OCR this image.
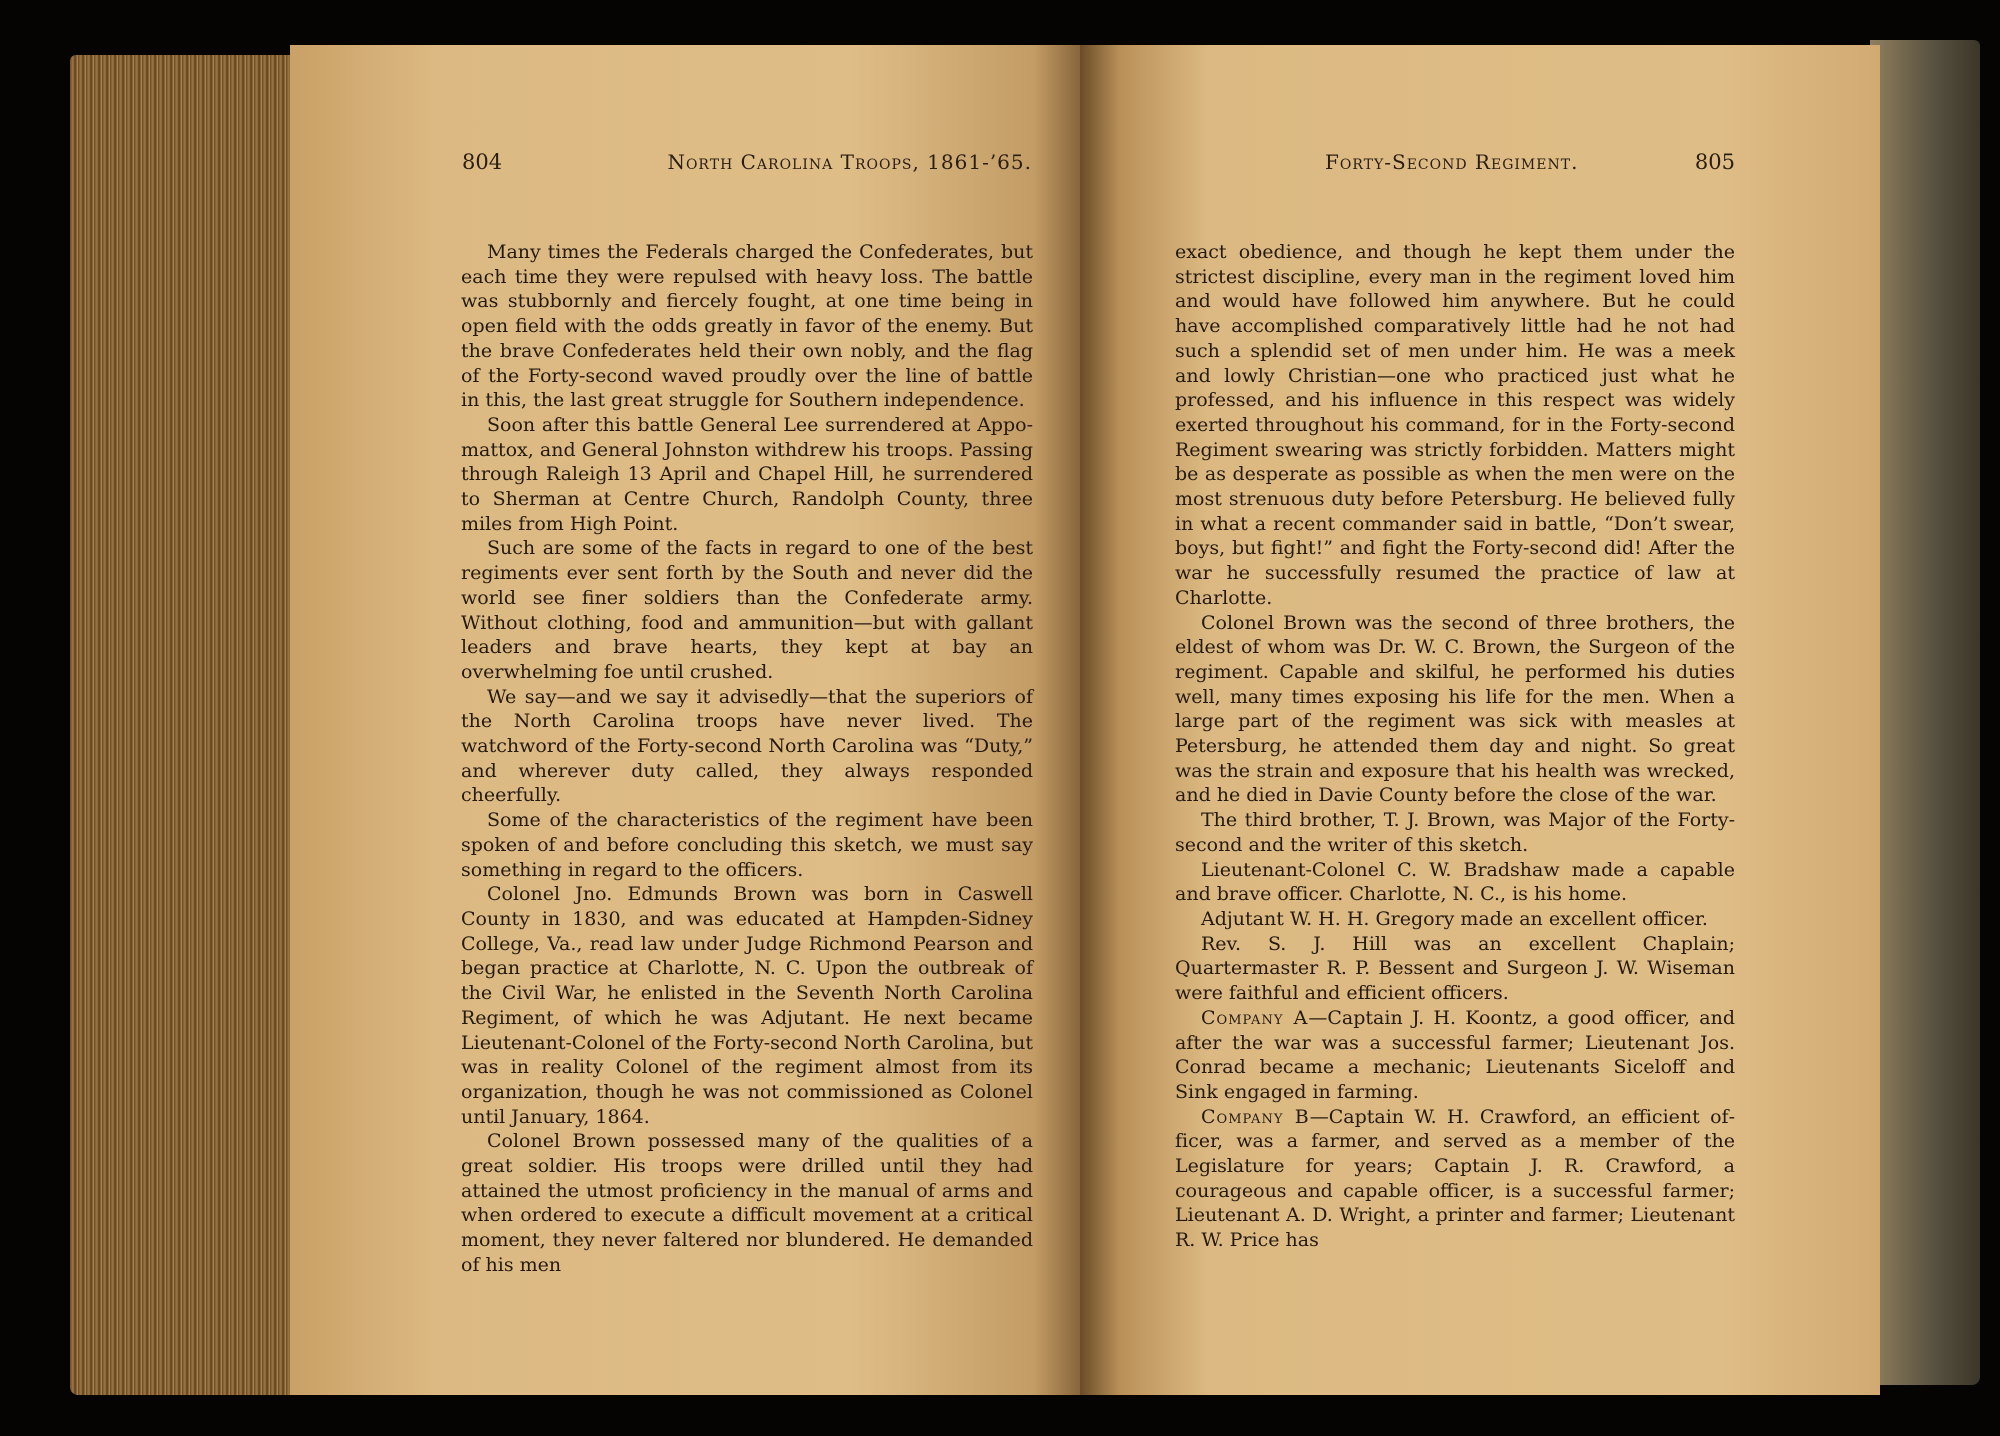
804	North Carolina Troops, 1861-’65.	Forty-Second Regiment.	805

Many times the Federals charged the Confederates, but each time they were repulsed with heavy loss. The battle was stubbornly and fiercely fought, at one time being in open field with the odds greatly in favor of the enemy. But the brave Confederates held their own nobly, and the flag of the Forty-second waved proudly over the line of battle in this, the last great struggle for Southern independence.

Soon after this battle General Lee surrendered at Appomattox, and General Johnston withdrew his troops. Passing through Raleigh 13 April and Chapel Hill, he surrendered to Sherman at Centre Church, Randolph County, three miles from High Point.

Such are some of the facts in regard to one of the best regiments ever sent forth by the South and never did the world see finer soldiers than the Confederate army. Without clothing, food and ammunition—but with gallant leaders and brave hearts, they kept at bay an overwhelming foe until crushed.

We say—and we say it advisedly—that the superiors of the North Carolina troops have never lived. The watchword of the Forty-second North Carolina was “Duty,” and wherever duty called, they always responded cheerfully.

Some of the characteristics of the regiment have been spoken of and before concluding this sketch, we must say something in regard to the officers.

Colonel Jno. Edmunds Brown was born in Caswell County in 1830, and was educated at Hampden-Sidney College, Va., read law under Judge Richmond Pearson and began practice at Charlotte, N. C. Upon the outbreak of the Civil War, he enlisted in the Seventh North Carolina Regiment, of which he was Adjutant. He next became Lieutenant-Colonel of the Forty-second North Carolina, but was in reality Colonel of the regiment almost from its organization, though he was not commissioned as Colonel until January, 1864.

Colonel Brown possessed many of the qualities of a great soldier. His troops were drilled until they had attained the utmost proficiency in the manual of arms and when ordered to execute a difficult movement at a critical moment, they never faltered nor blundered. He demanded of his men

exact obedience, and though he kept them under the strictest discipline, every man in the regiment loved him and would have followed him anywhere. But he could have accomplished comparatively little had he not had such a splendid set of men under him. He was a meek and lowly Christian—one who practiced just what he professed, and his influence in this respect was widely exerted throughout his command, for in the Forty-second Regiment swearing was strictly forbidden. Matters might be as desperate as possible as when the men were on the most strenuous duty before Petersburg. He believed fully in what a recent commander said in battle, “Don’t swear, boys, but fight!” and fight the Forty-second did! After the war he successfully resumed the practice of law at Charlotte.

Colonel Brown was the second of three brothers, the eldest of whom was Dr. W. C. Brown, the Surgeon of the regiment. Capable and skilful, he performed his duties well, many times exposing his life for the men. When a large part of the regiment was sick with measles at Petersburg, he attended them day and night. So great was the strain and exposure that his health was wrecked, and he died in Davie County before the close of the war.

The third brother, T. J. Brown, was Major of the Forty-second and the writer of this sketch.

Lieutenant-Colonel C. W. Bradshaw made a capable and brave officer. Charlotte, N. C., is his home.

Adjutant W. H. H. Gregory made an excellent officer.

Rev. S. J. Hill was an excellent Chaplain; Quartermaster R. P. Bessent and Surgeon J. W. Wiseman were faithful and efficient officers.

Company A—Captain J. H. Koontz, a good officer, and after the war was a successful farmer; Lieutenant Jos. Conrad became a mechanic; Lieutenants Siceloff and Sink engaged in farming.

Company B—Captain W. H. Crawford, an efficient officer, was a farmer, and served as a member of the Legislature for years; Captain J. R. Crawford, a courageous and capable officer, is a successful farmer; Lieutenant A. D. Wright, a printer and farmer; Lieutenant R. W. Price has
